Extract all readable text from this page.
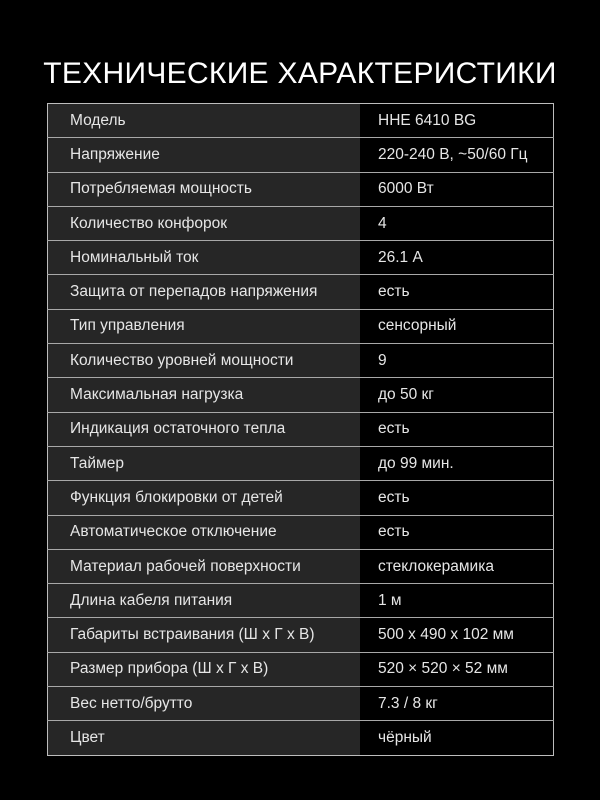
ТЕХНИЧЕСКИЕ ХАРАКТЕРИСТИКИ
Модель	HHE 6410 BG
Напряжение	220-240 В, ~50/60 Гц
Потребляемая мощность	6000 Вт
Количество конфорок	4
Номинальный ток	26.1 А
Защита от перепадов напряжения	есть
Тип управления	сенсорный
Количество уровней мощности	9
Максимальная нагрузка	до 50 кг
Индикация остаточного тепла	есть
Таймер	до 99 мин.
Функция блокировки от детей	есть
Автоматическое отключение	есть
Материал рабочей поверхности	стеклокерамика
Длина кабеля питания	1 м
Габариты встраивания (Ш х Г х В)	500 х 490 х 102 мм
Размер прибора (Ш х Г х В)	520 × 520 × 52 мм
Вес нетто/брутто	7.3 / 8 кг
Цвет	чёрный
